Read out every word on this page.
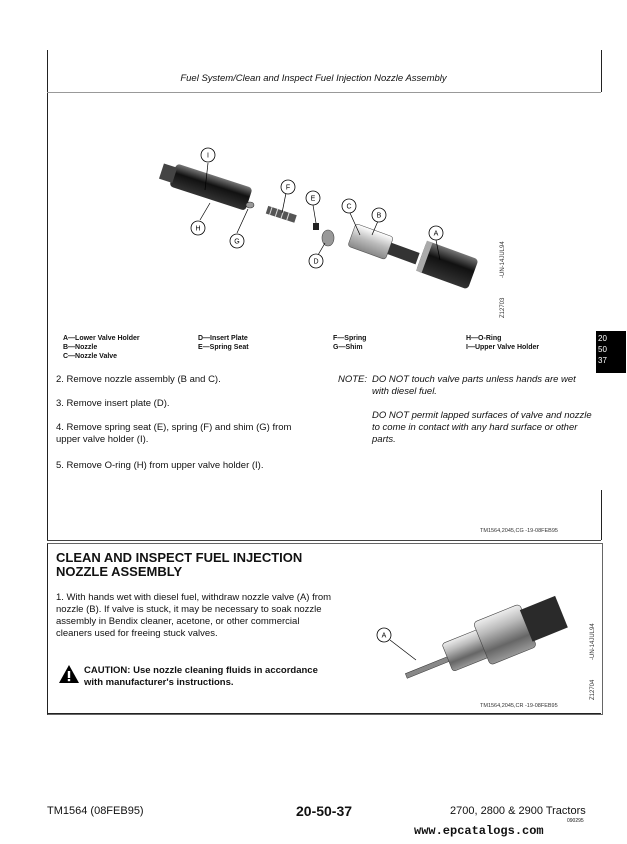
Fuel System/Clean and Inspect Fuel Injection Nozzle Assembly
I
H
G
F
E
D
C
B
A
-UN-14JUL94
Z12703
A—Lower Valve Holder
B—Nozzle
C—Nozzle Valve
D—Insert Plate
E—Spring Seat
F—Spring
G—Shim
H—O-Ring
I—Upper Valve Holder
20
50
37
2. Remove nozzle assembly (B and C).
3. Remove insert plate (D).
4. Remove spring seat (E), spring (F) and shim (G) from upper valve holder (I).
5. Remove O-ring (H) from upper valve holder (I).
NOTE: DO NOT touch valve parts unless hands are wet with diesel fuel.
DO NOT permit lapped surfaces of valve and nozzle to come in contact with any hard surface or other parts.
TM1564,2045,CG -19-08FEB95
CLEAN AND INSPECT FUEL INJECTION NOZZLE ASSEMBLY
1. With hands wet with diesel fuel, withdraw nozzle valve (A) from nozzle (B). If valve is stuck, it may be necessary to soak nozzle assembly in Bendix cleaner, acetone, or other commercial cleaners used for freeing stuck valves.
CAUTION: Use nozzle cleaning fluids in accordance with manufacturer's instructions.
A	-UN-14JUL94
Z12704
TM1564,2045,CR -19-08FEB95
TM1564 (08FEB95)	20-50-37	2700, 2800 & 2900 Tractors
090295
www.epcatalogs.com
